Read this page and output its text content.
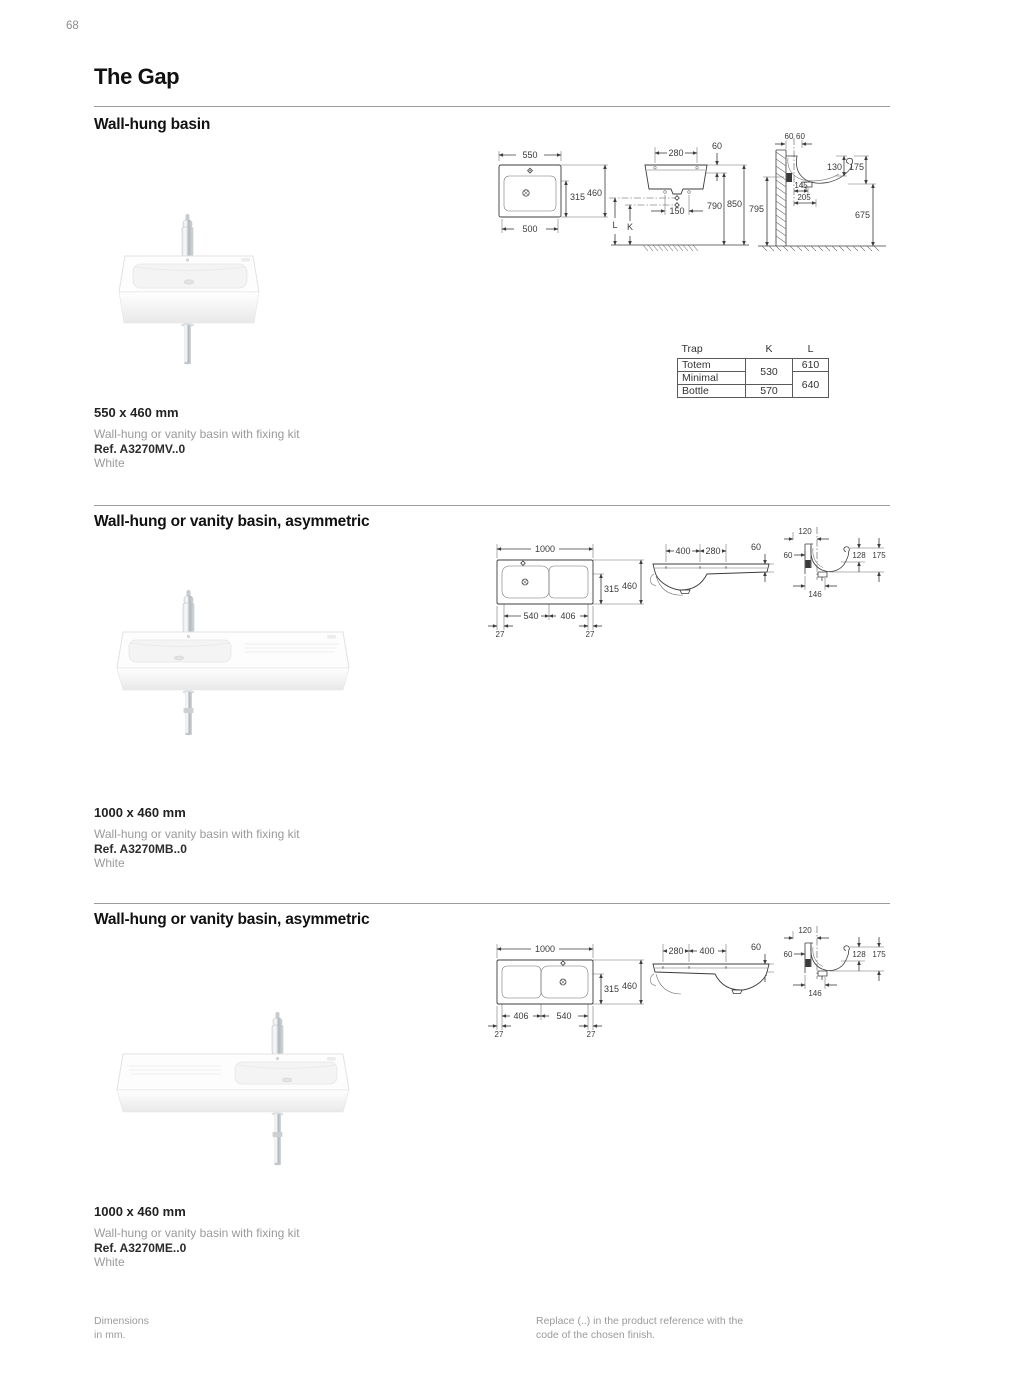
68
The Gap
Wall-hung basin
550
315 460
500
280
60
150
L K
790 850
60 60
130 175
145
205
795
675
Trap	K	L
Totem	530	610
Minimal		640
Bottle	570	
550 x 460 mm
Wall-hung or vanity basin with fixing kit
Ref. A3270MV..0
White
Wall-hung or vanity basin, asymmetric
1000
315 460
540 406
27	27
400 280	60
120
60	128 175
146
1000 x 460 mm
Wall-hung or vanity basin with fixing kit
Ref. A3270MB..0
White
Wall-hung or vanity basin, asymmetric
1000
315 460
406	540
27	27
280 400	60
120
60	128 175
146
1000 x 460 mm
Wall-hung or vanity basin with fixing kit
Ref. A3270ME..0
White
Dimensions
in mm.
Replace (..) in the product reference with the
code of the chosen finish.
